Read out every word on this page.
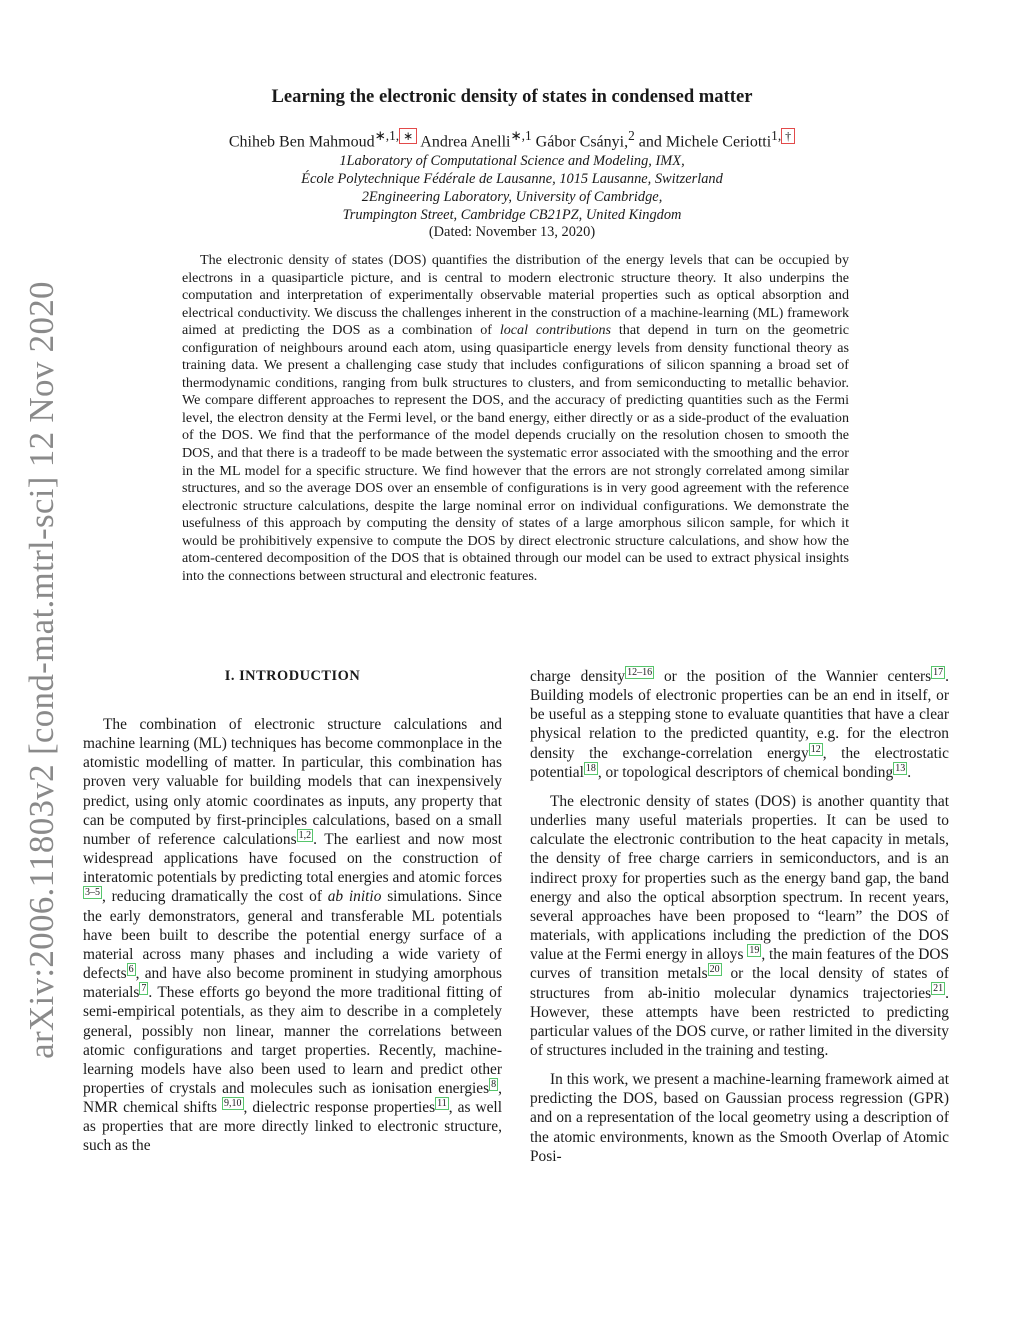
arXiv:2006.11803v2 [cond-mat.mtrl-sci] 12 Nov 2020
Learning the electronic density of states in condensed matter
Chiheb Ben Mahmoud$^{∗,1,}$ ∗ Andrea Anelli$^{∗,1}$ Gábor Csányi,$^2$ and Michele Ceriotti$^{1,}$ †
1Laboratory of Computational Science and Modeling, IMX,
École Polytechnique Fédérale de Lausanne, 1015 Lausanne, Switzerland
2Engineering Laboratory, University of Cambridge,
Trumpington Street, Cambridge CB21PZ, United Kingdom
(Dated: November 13, 2020)
The electronic density of states (DOS) quantifies the distribution of the energy levels that can be occupied by electrons in a quasiparticle picture, and is central to modern electronic structure theory. It also underpins the computation and interpretation of experimentally observable material properties such as optical absorption and electrical conductivity. We discuss the challenges inherent in the construction of a machine-learning (ML) framework aimed at predicting the DOS as a combination of local contributions that depend in turn on the geometric configuration of neighbours around each atom, using quasiparticle energy levels from density functional theory as training data. We present a challenging case study that includes configurations of silicon spanning a broad set of thermodynamic conditions, ranging from bulk structures to clusters, and from semiconducting to metallic behavior. We compare different approaches to represent the DOS, and the accuracy of predicting quantities such as the Fermi level, the electron density at the Fermi level, or the band energy, either directly or as a side-product of the evaluation of the DOS. We find that the performance of the model depends crucially on the resolution chosen to smooth the DOS, and that there is a tradeoff to be made between the systematic error associated with the smoothing and the error in the ML model for a specific structure. We find however that the errors are not strongly correlated among similar structures, and so the average DOS over an ensemble of configurations is in very good agreement with the reference electronic structure calculations, despite the large nominal error on individual configurations. We demonstrate the usefulness of this approach by computing the density of states of a large amorphous silicon sample, for which it would be prohibitively expensive to compute the DOS by direct electronic structure calculations, and show how the atom-centered decomposition of the DOS that is obtained through our model can be used to extract physical insights into the connections between structural and electronic features.
I. INTRODUCTION

The combination of electronic structure calculations and machine learning (ML) techniques has become commonplace in the atomistic modelling of matter. In particular, this combination has proven very valuable for building models that can inexpensively predict, using only atomic coordinates as inputs, any property that can be computed by first-principles calculations, based on a small number of reference calculations $^{1,2}$ . The earliest and now most widespread applications have focused on the construction of interatomic potentials by predicting total energies and atomic forces $^{3-5}$ , reducing dramatically the cost of ab initio simulations. Since the early demonstrators, general and transferable ML potentials have been built to describe the potential energy surface of a material across many phases and including a wide variety of defects $^6$ , and have also become prominent in studying amorphous materials $^7$ . These efforts go beyond the more traditional fitting of semi-empirical potentials, as they aim to describe in a completely general, possibly non linear, manner the correlations between atomic configurations and target properties. Recently, machine-learning models have also been used to learn and predict other properties of crystals and molecules such as ionisation energies $^8$ , NMR chemical shifts $^{9,10}$ , dielectric response properties $^{11}$ , as well as properties that are more directly linked to electronic structure, such as the

charge density $^{12-16}$ or the position of the Wannier centers $^{17}$ . Building models of electronic properties can be an end in itself, or be useful as a stepping stone to evaluate quantities that have a clear physical relation to the predicted quantity, e.g. for the electron density the exchange-correlation energy $^{12}$ , the electrostatic potential $^{18}$ , or topological descriptors of chemical bonding $^{13}$ .

The electronic density of states (DOS) is another quantity that underlies many useful materials properties. It can be used to calculate the electronic contribution to the heat capacity in metals, the density of free charge carriers in semiconductors, and is an indirect proxy for properties such as the energy band gap, the band energy and also the optical absorption spectrum. In recent years, several approaches have been proposed to “learn” the DOS of materials, with applications including the prediction of the DOS value at the Fermi energy in alloys $^{19}$ , the main features of the DOS curves of transition metals $^{20}$ or the local density of states of structures from ab-initio molecular dynamics trajectories $^{21}$ . However, these attempts have been restricted to predicting particular values of the DOS curve, or rather limited in the diversity of structures included in the training and testing.

In this work, we present a machine-learning framework aimed at predicting the DOS, based on Gaussian process regression (GPR) and on a representation of the local geometry using a description of the atomic environments, known as the Smooth Overlap of Atomic Posi-
